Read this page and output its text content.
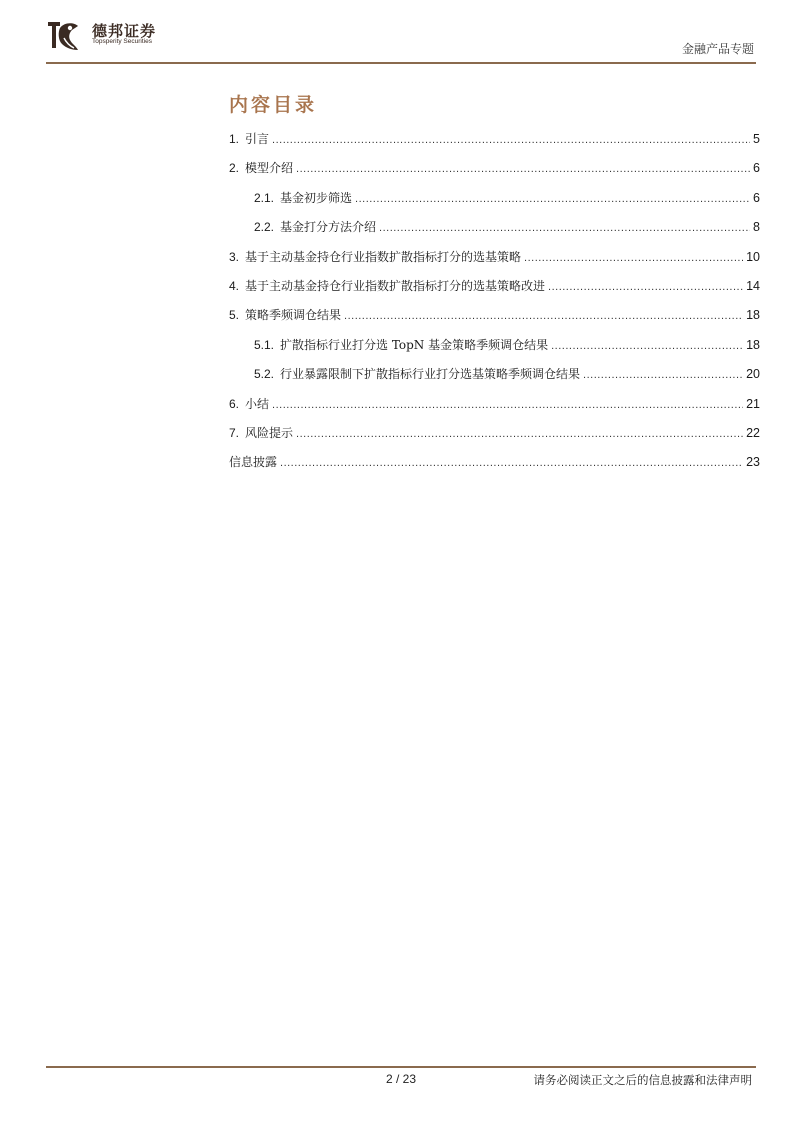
德邦证券
Topsperity Securities
金融产品专题
内容目录
1. 引言 .....	5
2. 模型介绍 .....	6
2.1. 基金初步筛选 .....	6
2.2. 基金打分方法介绍 .....	8
3. 基于主动基金持仓行业指数扩散指标打分的选基策略 .....	10
4. 基于主动基金持仓行业指数扩散指标打分的选基策略改进 .....	14
5. 策略季频调仓结果 .....	18
5.1. 扩散指标行业打分选 TopN 基金策略季频调仓结果 .....	18
5.2. 行业暴露限制下扩散指标行业打分选基策略季频调仓结果 .....	20
6. 小结 .....	21
7. 风险提示 .....	22
信息披露 .....	23
2 / 23	请务必阅读正文之后的信息披露和法律声明
